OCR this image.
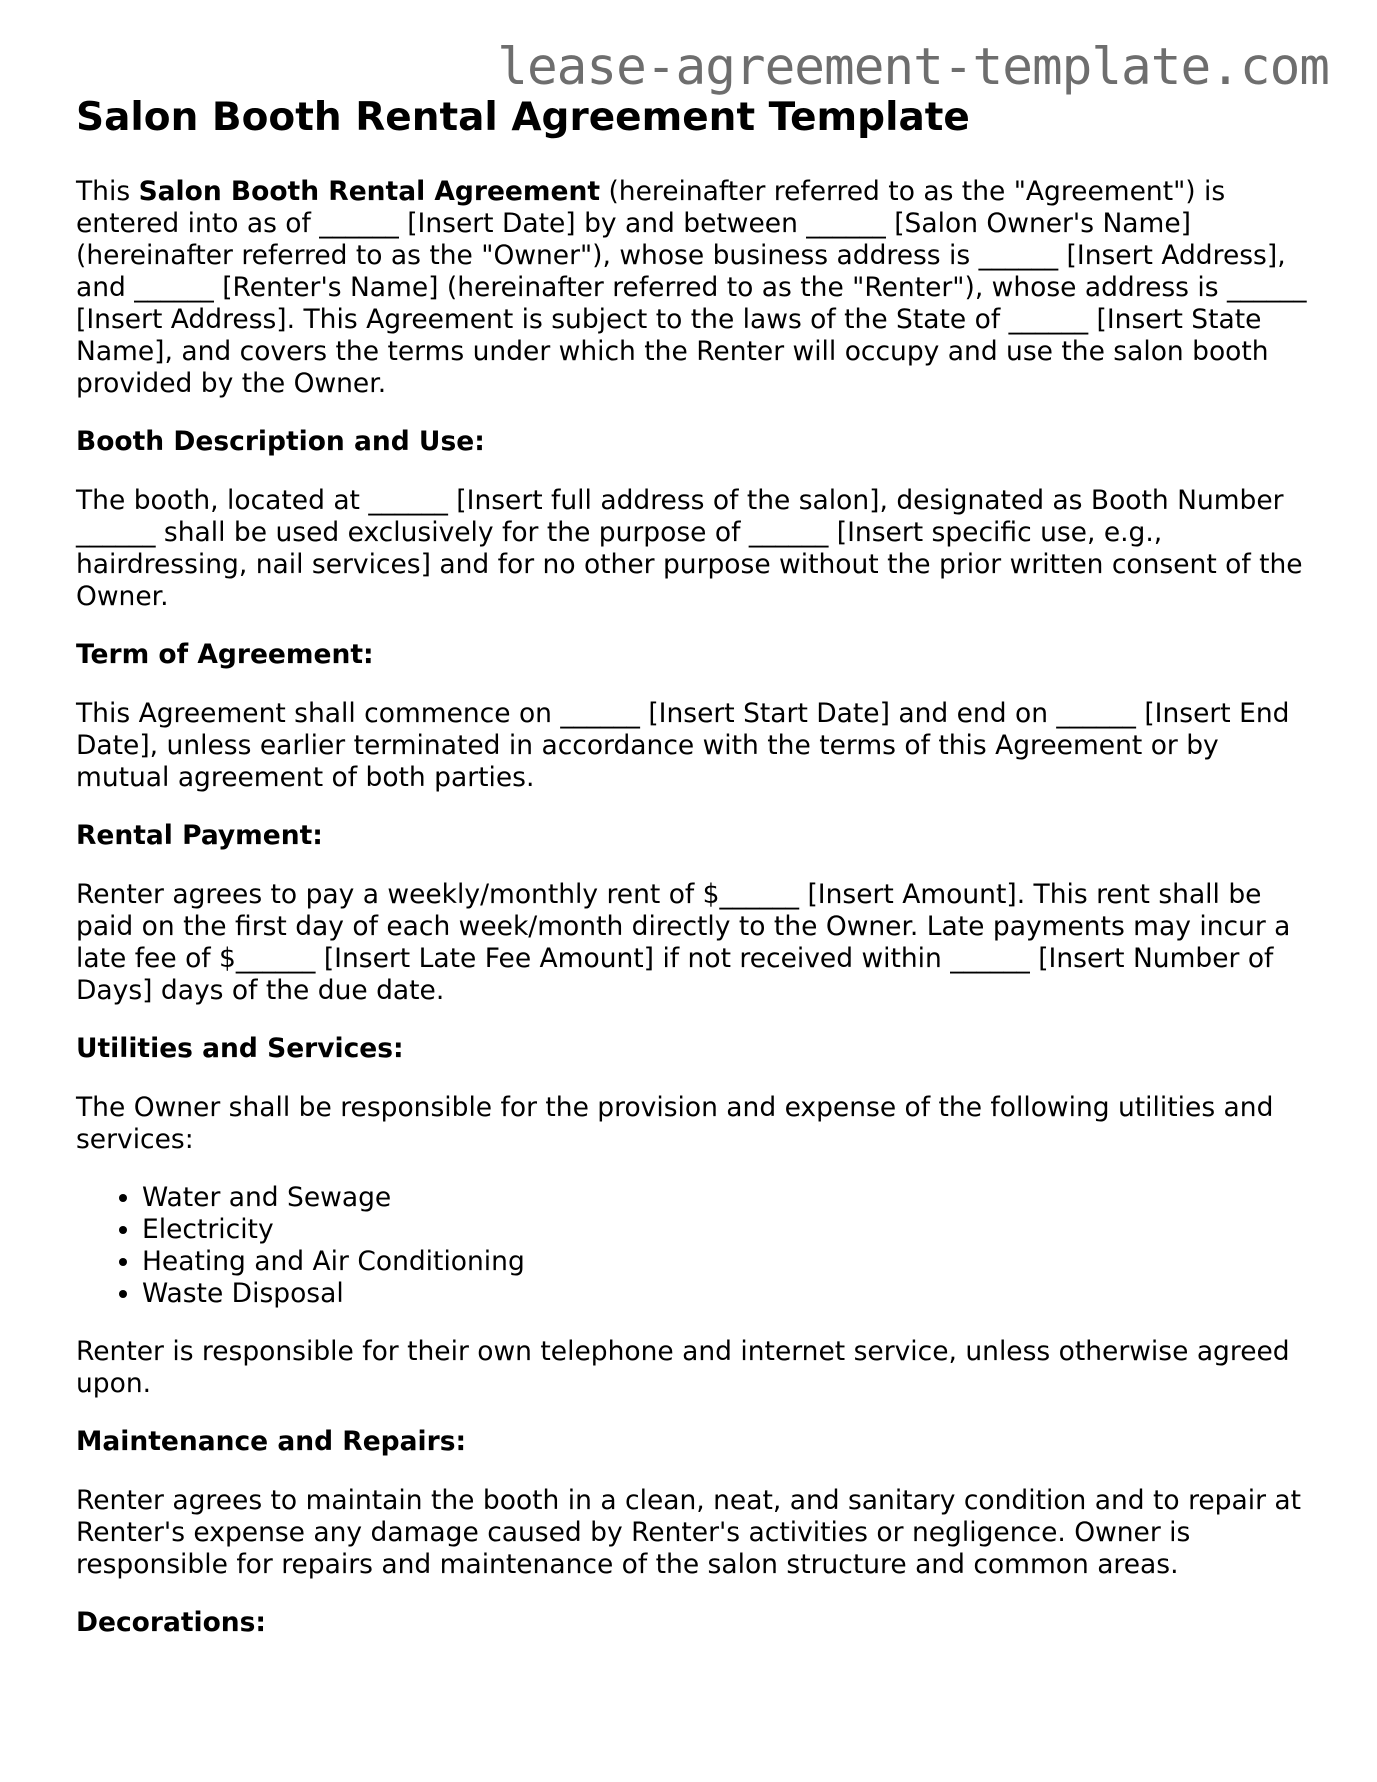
lease-agreement-template.com
Salon Booth Rental Agreement Template

This Salon Booth Rental Agreement (hereinafter referred to as the "Agreement") is entered into as of ______ [Insert Date] by and between ______ [Salon Owner's Name] (hereinafter referred to as the "Owner"), whose business address is ______ [Insert Address], and ______ [Renter's Name] (hereinafter referred to as the "Renter"), whose address is ______ [Insert Address]. This Agreement is subject to the laws of the State of ______ [Insert State Name], and covers the terms under which the Renter will occupy and use the salon booth provided by the Owner.

Booth Description and Use:

The booth, located at ______ [Insert full address of the salon], designated as Booth Number ______ shall be used exclusively for the purpose of ______ [Insert specific use, e.g., hairdressing, nail services] and for no other purpose without the prior written consent of the Owner.

Term of Agreement:

This Agreement shall commence on ______ [Insert Start Date] and end on ______ [Insert End Date], unless earlier terminated in accordance with the terms of this Agreement or by mutual agreement of both parties.

Rental Payment:

Renter agrees to pay a weekly/monthly rent of $______ [Insert Amount]. This rent shall be paid on the first day of each week/month directly to the Owner. Late payments may incur a late fee of $______ [Insert Late Fee Amount] if not received within ______ [Insert Number of Days] days of the due date.

Utilities and Services:

The Owner shall be responsible for the provision and expense of the following utilities and services:

• Water and Sewage
• Electricity
• Heating and Air Conditioning
• Waste Disposal

Renter is responsible for their own telephone and internet service, unless otherwise agreed upon.

Maintenance and Repairs:

Renter agrees to maintain the booth in a clean, neat, and sanitary condition and to repair at Renter's expense any damage caused by Renter's activities or negligence. Owner is responsible for repairs and maintenance of the salon structure and common areas.

Decorations:
